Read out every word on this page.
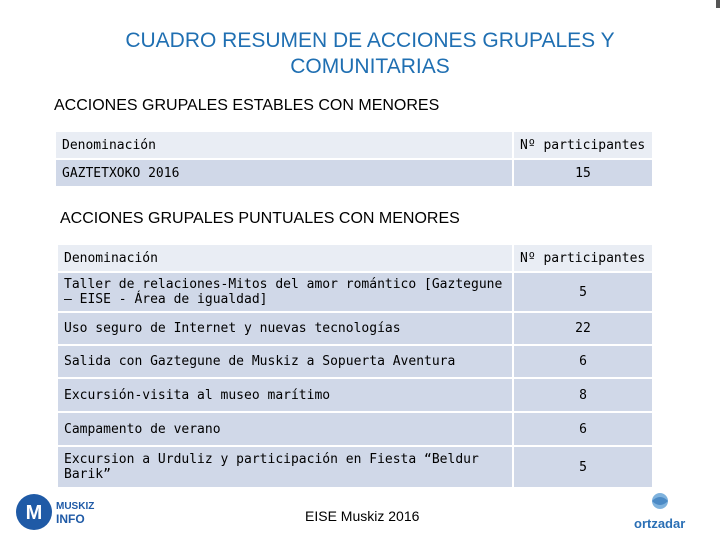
CUADRO RESUMEN DE ACCIONES GRUPALES Y COMUNITARIAS
ACCIONES GRUPALES ESTABLES CON MENORES
Denominación	Nº participantes
GAZTETXOKO 2016	15
ACCIONES GRUPALES PUNTUALES CON MENORES
Denominación	Nº participantes
Taller de relaciones-Mitos del amor romántico [Gaztegune – EISE - Área de igualdad]	5
Uso seguro de Internet y nuevas tecnologías	22
Salida con Gaztegune de Muskiz a Sopuerta Aventura	6
Excursión-visita al museo marítimo	8
Campamento de verano	6
Excursion a Urduliz y participación en Fiesta “Beldur Barik”	5
M MUSKIZ
INFO	EISE Muskiz 2016	ortzadar
